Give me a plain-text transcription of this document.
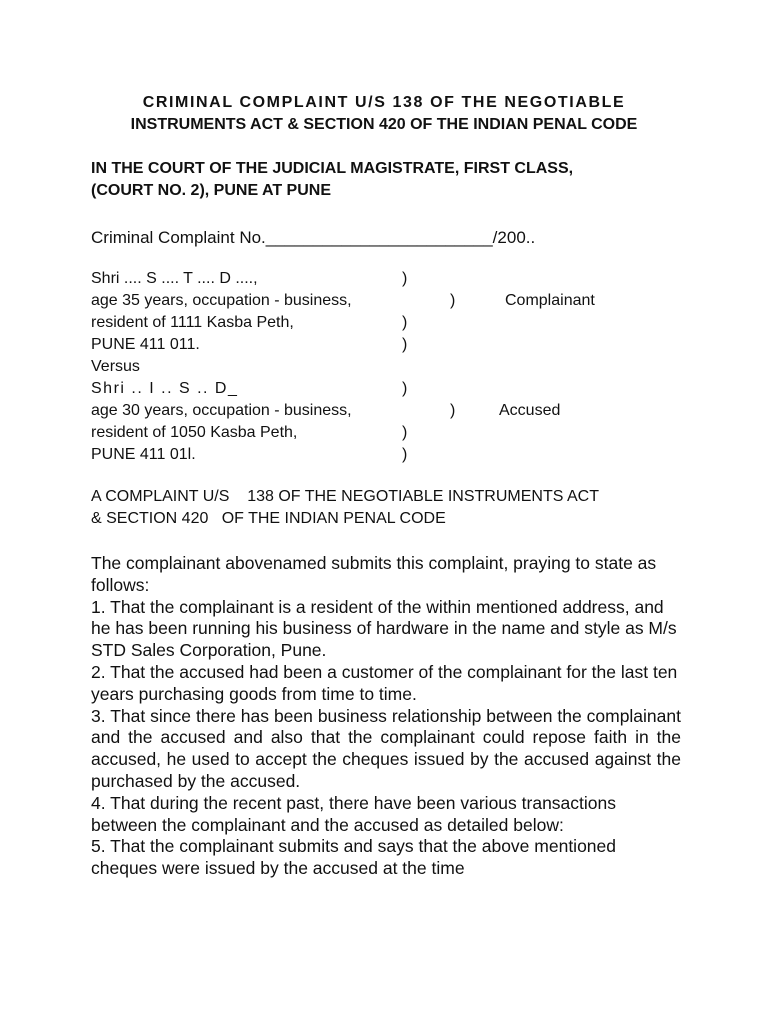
CRIMINAL COMPLAINT U/S 138 OF THE NEGOTIABLE
INSTRUMENTS ACT & SECTION 420 OF THE INDIAN PENAL CODE
IN THE COURT OF THE JUDICIAL MAGISTRATE, FIRST CLASS,
(COURT NO. 2), PUNE AT PUNE
Criminal Complaint No.________________________/200..
Shri .... S .... T .... D ....,	)
age 35 years, occupation - business,	)	Complainant
resident of 1111 Kasba Peth,	)
PUNE 411 011.	)
Versus
Shri .. I .. S .. D_	)
age 30 years, occupation - business,	)	Accused
resident of 1050 Kasba Peth,	)
PUNE 411 01l.	)
A COMPLAINT U/S    138 OF THE NEGOTIABLE INSTRUMENTS ACT
& SECTION 420   OF THE INDIAN PENAL CODE

The complainant abovenamed submits this complaint, praying to state as follows:

1. That the complainant is a resident of the within mentioned address, and he has been running his business of hardware in the name and style as M/s STD Sales Corporation, Pune.

2. That the accused had been a customer of the complainant for the last ten years purchasing goods from time to time.

3. That since there has been business relationship between the complainant and the accused and also that the complainant could repose faith in the accused, he used to accept the cheques issued by the accused against the purchased by the accused.

4. That during the recent past, there have been various transactions between the complainant and the accused as detailed below:

5. That the complainant submits and says that the above mentioned cheques were issued by the accused at the time
